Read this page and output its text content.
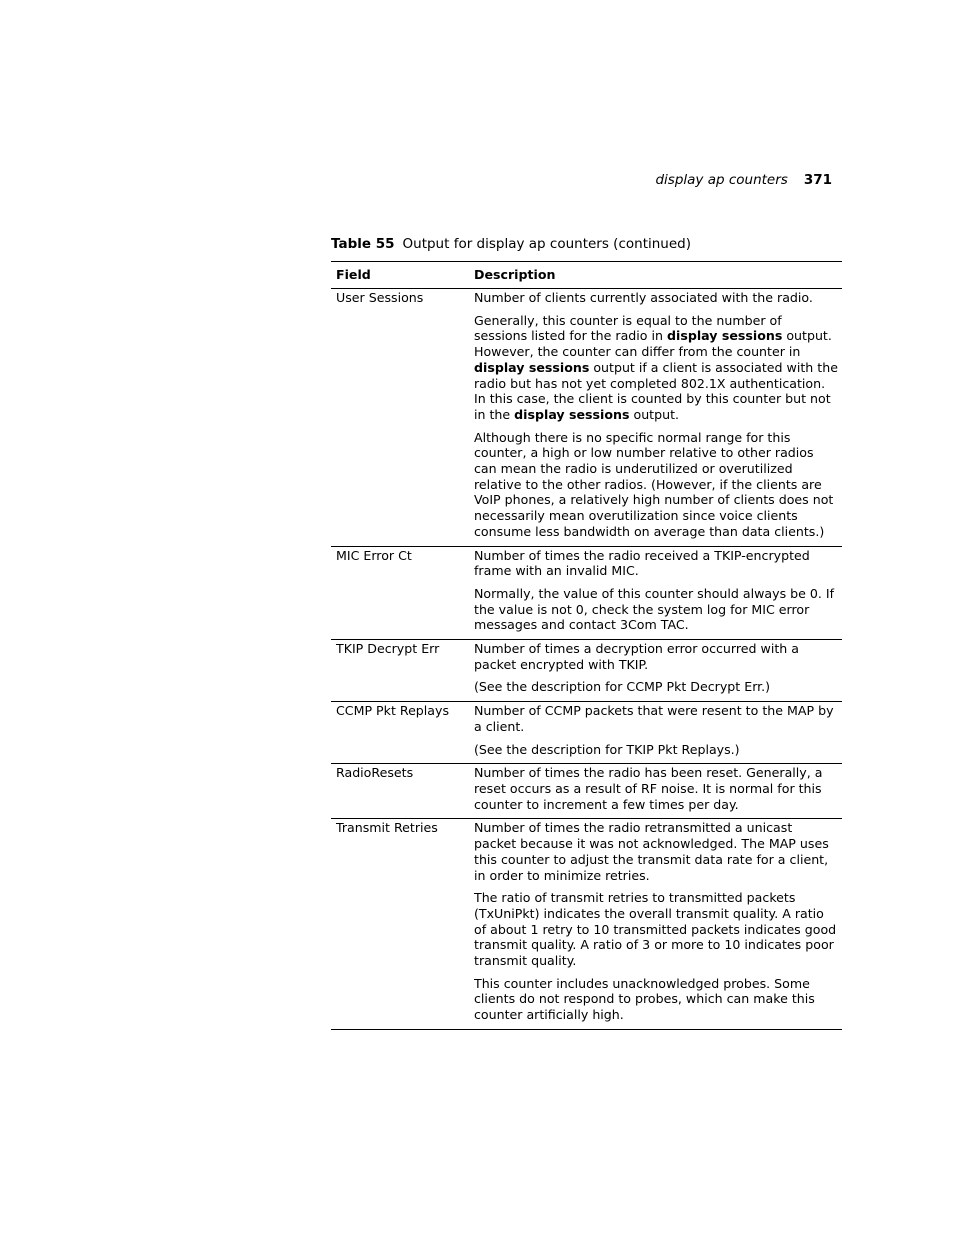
display ap counters 371
Table 55 Output for display ap counters (continued)
Field	Description
User Sessions	Number of clients currently associated with the radio.
Generally, this counter is equal to the number of sessions listed for the radio in display sessions output. However, the counter can differ from the counter in display sessions output if a client is associated with the radio but has not yet completed 802.1X authentication. In this case, the client is counted by this counter but not in the display sessions output.
Although there is no specific normal range for this counter, a high or low number relative to other radios can mean the radio is underutilized or overutilized relative to the other radios. (However, if the clients are VoIP phones, a relatively high number of clients does not necessarily mean overutilization since voice clients consume less bandwidth on average than data clients.)

MIC Error Ct	Number of times the radio received a TKIP-encrypted frame with an invalid MIC.
Normally, the value of this counter should always be 0. If the value is not 0, check the system log for MIC error messages and contact 3Com TAC.

TKIP Decrypt Err	Number of times a decryption error occurred with a packet encrypted with TKIP.
(See the description for CCMP Pkt Decrypt Err.)

CCMP Pkt Replays	Number of CCMP packets that were resent to the MAP by a client.
(See the description for TKIP Pkt Replays.)

RadioResets	Number of times the radio has been reset. Generally, a reset occurs as a result of RF noise. It is normal for this counter to increment a few times per day.

Transmit Retries	Number of times the radio retransmitted a unicast packet because it was not acknowledged. The MAP uses this counter to adjust the transmit data rate for a client, in order to minimize retries.
The ratio of transmit retries to transmitted packets (TxUniPkt) indicates the overall transmit quality. A ratio of about 1 retry to 10 transmitted packets indicates good transmit quality. A ratio of 3 or more to 10 indicates poor transmit quality.
This counter includes unacknowledged probes. Some clients do not respond to probes, which can make this counter artificially high.
